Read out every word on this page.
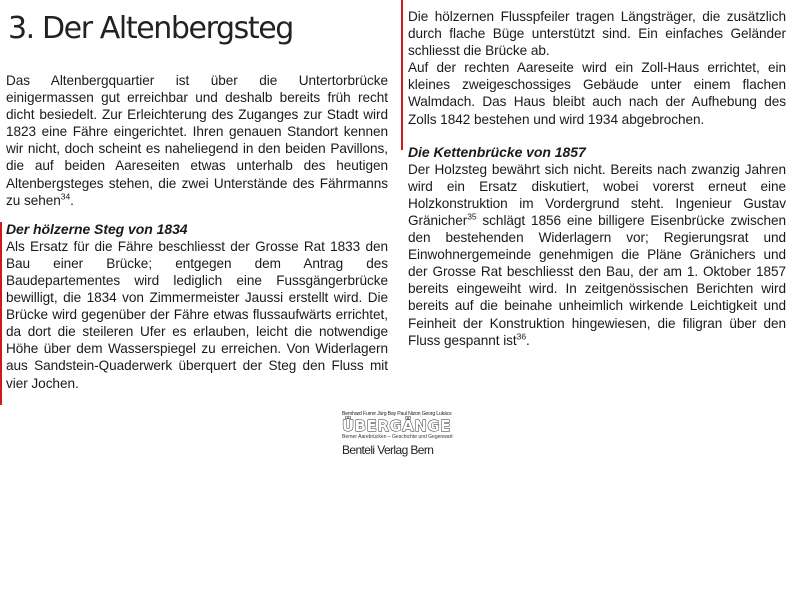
3. Der Altenbergsteg

Das Altenbergquartier ist über die Untertorbrücke einigermassen gut erreichbar und deshalb bereits früh recht dicht besiedelt. Zur Erleichterung des Zuganges zur Stadt wird 1823 eine Fähre eingerichtet. Ihren genauen Standort kennen wir nicht, doch scheint es naheliegend in den beiden Pavillons, die auf beiden Aareseiten etwas unterhalb des heutigen Altenbergsteges stehen, die zwei Unterstände des Fährmanns zu sehen$^{34}$.

Der hölzerne Steg von 1834

Als Ersatz für die Fähre beschliesst der Grosse Rat 1833 den Bau einer Brücke; entgegen dem Antrag des Baudepartementes wird lediglich eine Fussgängerbrücke bewilligt, die 1834 von Zimmermeister Jaussi erstellt wird. Die Brücke wird gegenüber der Fähre etwas flussaufwärts errichtet, da dort die steileren Ufer es erlauben, leicht die notwendige Höhe über dem Wasserspiegel zu erreichen. Von Widerlagern aus Sandstein-Quaderwerk überquert der Steg den Fluss mit vier Jochen.

Die hölzernen Flusspfeiler tragen Längsträger, die zusätzlich durch flache Büge unterstützt sind. Ein einfaches Geländer schliesst die Brücke ab.

Auf der rechten Aareseite wird ein Zoll-Haus errichtet, ein kleines zweigeschossiges Gebäude unter einem flachen Walmdach. Das Haus bleibt auch nach der Aufhebung des Zolls 1842 bestehen und wird 1934 abgebrochen.

Die Kettenbrücke von 1857

Der Holzsteg bewährt sich nicht. Bereits nach zwanzig Jahren wird ein Ersatz diskutiert, wobei vorerst erneut eine Holzkonstruktion im Vordergrund steht. Ingenieur Gustav Gränicher$^{35}$ schlägt 1856 eine billigere Eisenbrücke zwischen den bestehenden Widerlagern vor; Regierungsrat und Einwohnergemeinde genehmigen die Pläne Gränichers und der Grosse Rat beschliesst den Bau, der am 1. Oktober 1857 bereits eingeweiht wird. In zeitgenössischen Berichten wird bereits auf die beinahe unheimlich wirkende Leichtigkeit und Feinheit der Konstruktion hingewiesen, die filigran über den Fluss gespannt ist$^{36}$.

Bernhard Furrer Jürg Bay Paul Nizon Georg Lukács
ÜBERGÄNGE
Berner Aarebrücken – Geschichte und Gegenwart
Benteli Verlag Bern
